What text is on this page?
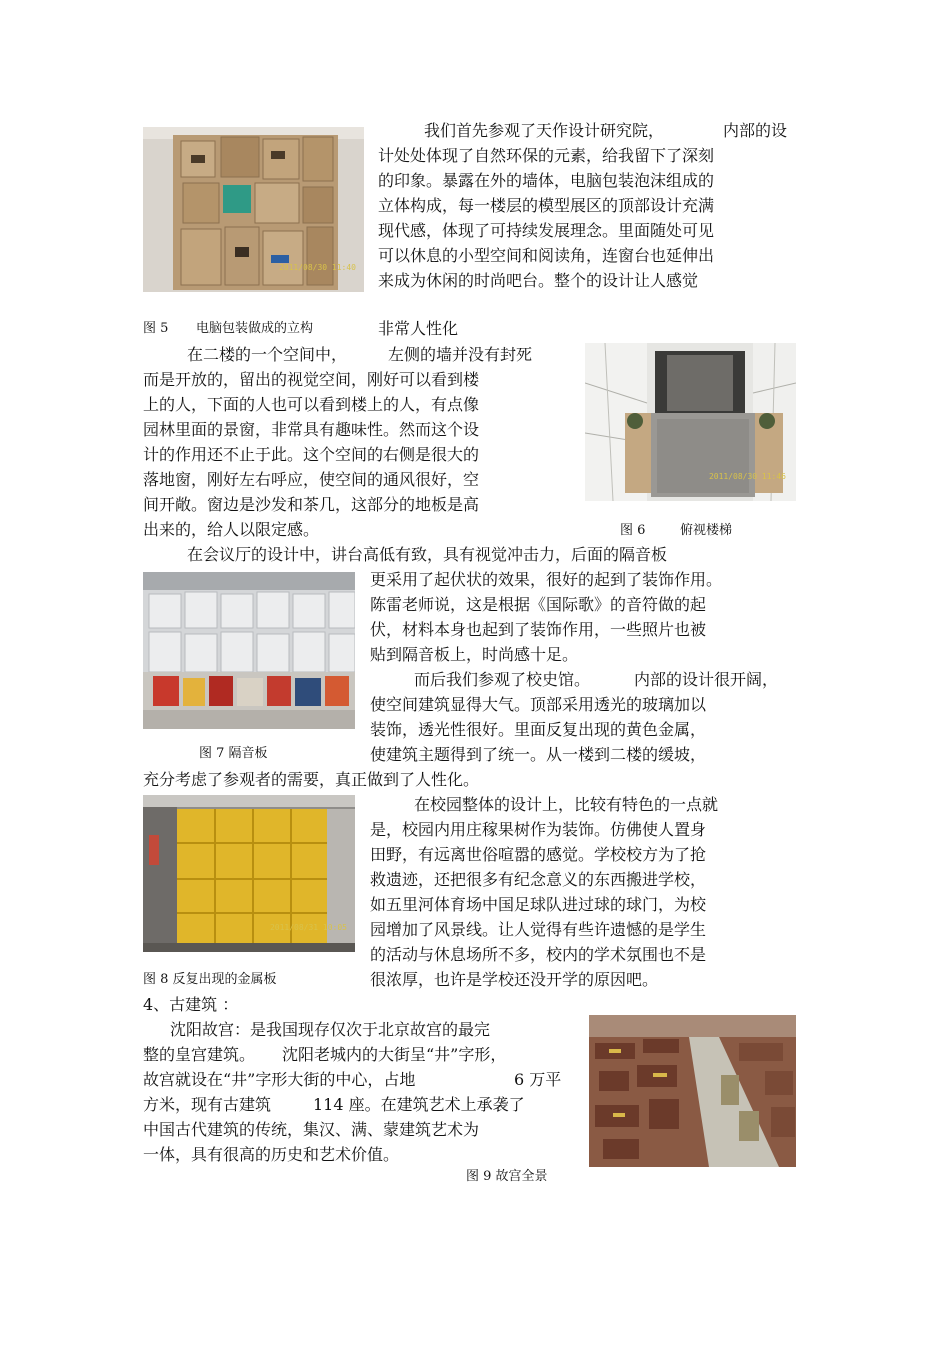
2011/08/30 11:40
我们首先参观了天作设计研究院，	内部的设
计处处体现了自然环保的元素，给我留下了深刻
的印象。暴露在外的墙体，电脑包装泡沫组成的
立体构成，每一楼层的模型展区的顶部设计充满
现代感，体现了可持续发展理念。里面随处可见
可以休息的小型空间和阅读角，连窗台也延伸出
来成为休闲的时尚吧台。整个的设计让人感觉
图 5 电脑包装做成的立构	非常人性化
2011/08/30 11:46
在二楼的一个空间中，	左侧的墙并没有封死
而是开放的，留出的视觉空间，刚好可以看到楼
上的人，下面的人也可以看到楼上的人，有点像
园林里面的景窗，非常具有趣味性。然而这个设
计的作用还不止于此。这个空间的右侧是很大的
落地窗，刚好左右呼应，使空间的通风很好，空
间开敞。窗边是沙发和茶几，这部分的地板是高
出来的，给人以限定感。	图 6	俯视楼梯
在会议厅的设计中，讲台高低有致，具有视觉冲击力，后面的隔音板
更采用了起伏状的效果，很好的起到了装饰作用。
陈雷老师说，这是根据《国际歌》的音符做的起
伏，材料本身也起到了装饰作用，一些照片也被
贴到隔音板上，时尚感十足。
而后我们参观了校史馆。	内部的设计很开阔，
使空间建筑显得大气。顶部采用透光的玻璃加以
装饰，透光性很好。里面反复出现的黄色金属，
图 7 隔音板	使建筑主题得到了统一。从一楼到二楼的缓坡，
充分考虑了参观者的需要，真正做到了人性化。
2011/08/31 10:05
在校园整体的设计上，比较有特色的一点就
是，校园内用庄稼果树作为装饰。仿佛使人置身
田野，有远离世俗喧嚣的感觉。学校校方为了抢
救遗迹，还把很多有纪念意义的东西搬进学校，
如五里河体育场中国足球队进过球的球门，为校
园增加了风景线。让人觉得有些许遗憾的是学生
的活动与休息场所不多，校内的学术氛围也不是
图 8 反复出现的金属板	很浓厚，也许是学校还没开学的原因吧。
4、古建筑 ：
沈阳故宫：是我国现存仅次于北京故宫的最完
整的皇宫建筑。 沈阳老城内的大街呈“井”字形，
故宫就设在“井”字形大街的中心，占地	6 万平
方米，现有古建筑	114 座。在建筑艺术上承袭了
中国古代建筑的传统，集汉、满、蒙建筑艺术为
一体，具有很高的历史和艺术价值。
图 9 故宫全景
